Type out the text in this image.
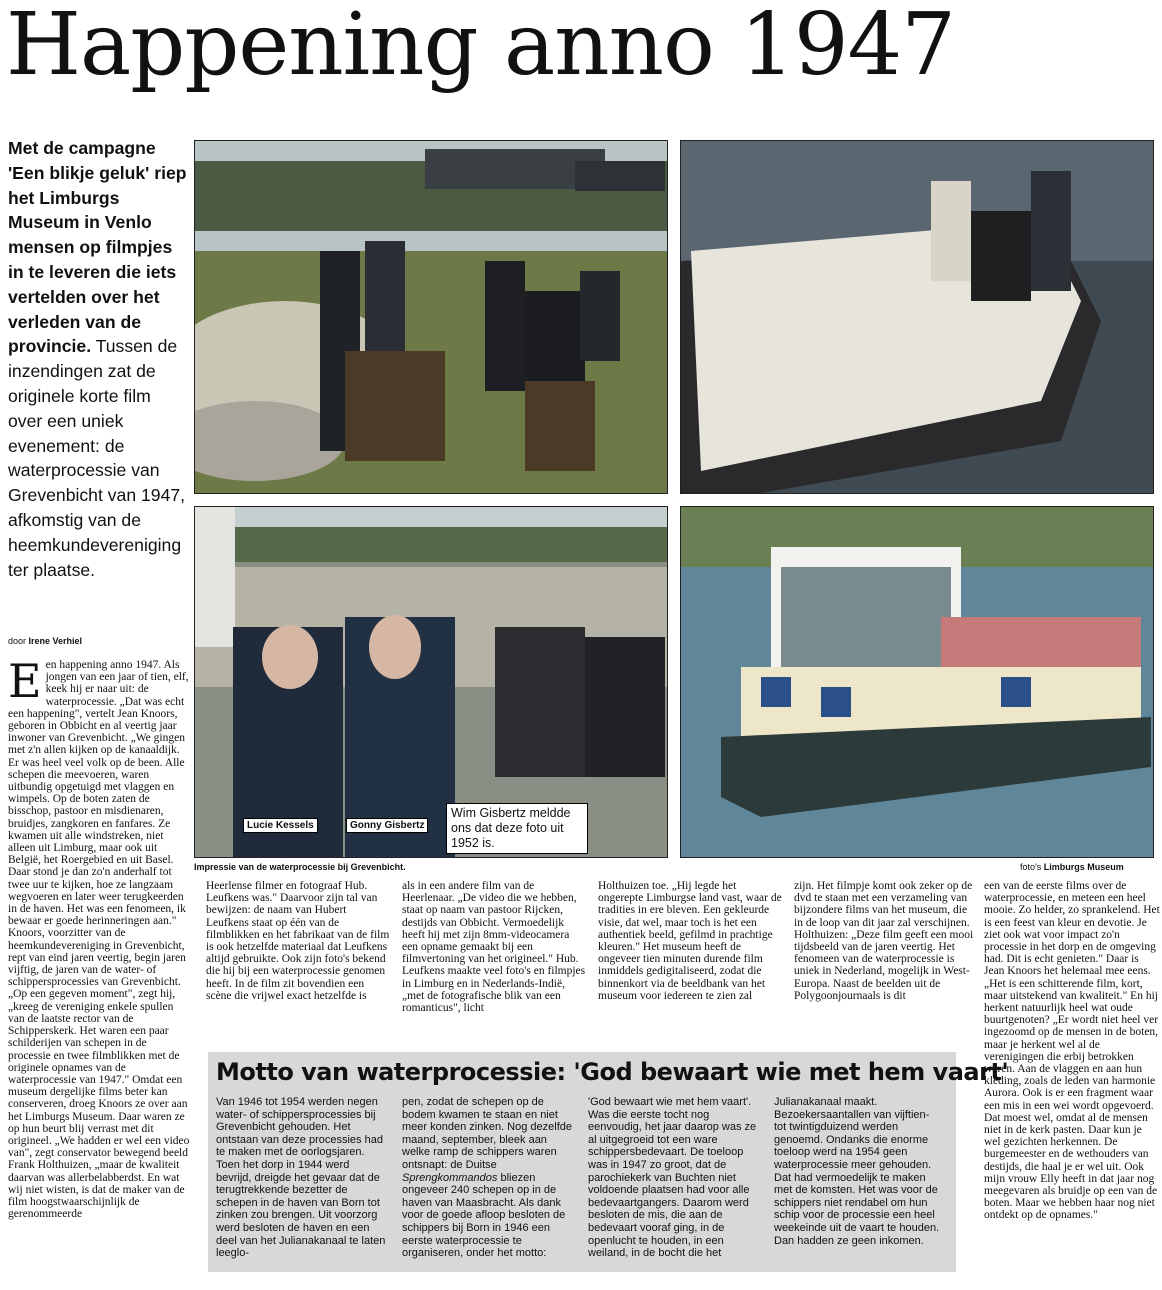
Happening anno 1947
Met de campagne 'Een blikje geluk' riep het Limburgs Museum in Venlo mensen op filmpjes in te leveren die iets vertelden over het verleden van de provincie. Tussen de inzendingen zat de originele korte film over een uniek evenement: de waterprocessie van Grevenbicht van 1947, afkomstig van de heemkundevereniging ter plaatse.
Lucie Kessels	Gonny Gisbertz
Wim Gisbertz meldde ons dat deze foto uit 1952 is.
Impressie van de waterprocessie bij Grevenbicht.	foto's Limburgs Museum
door Irene Verhiel
Een happening anno 1947. Als jongen van een jaar of tien, elf, keek hij er naar uit: de waterprocessie. „Dat was echt een happening", vertelt Jean Knoors, geboren in Obbicht en al veertig jaar inwoner van Grevenbicht. „We gingen met z'n allen kijken op de kanaaldijk. Er was heel veel volk op de been. Alle schepen die meevoeren, waren uitbundig opgetuigd met vlaggen en wimpels. Op de boten zaten de bisschop, pastoor en misdienaren, bruidjes, zangkoren en fanfares. Ze kwamen uit alle windstreken, niet alleen uit Limburg, maar ook uit België, het Roergebied en uit Basel. Daar stond je dan zo'n anderhalf tot twee uur te kijken, hoe ze langzaam wegvoeren en later weer terugkeerden in de haven. Het was een fenomeen, ik bewaar er goede herinneringen aan." Knoors, voorzitter van de heemkundevereniging in Grevenbicht, rept van eind jaren veertig, begin jaren vijftig, de jaren van de water- of schippersprocessies van Grevenbicht. „Op een gegeven moment", zegt hij, „kreeg de vereniging enkele spullen van de laatste rector van de Schipperskerk. Het waren een paar schilderijen van schepen in de processie en twee filmblikken met de originele opnames van de waterprocessie van 1947." Omdat een museum dergelijke films beter kan conserveren, droeg Knoors ze over aan het Limburgs Museum. Daar waren ze op hun beurt blij verrast met dit origineel. „We hadden er wel een video van", zegt conservator bewegend beeld Frank Holthuizen, „maar de kwaliteit daarvan was allerbelabberdst. En wat wij niet wisten, is dat de maker van de film hoogstwaarschijnlijk de gerenommeerde
Heerlense filmer en fotograaf Hub. Leufkens was." Daarvoor zijn tal van bewijzen: de naam van Hubert Leufkens staat op één van de filmblikken en het fabrikaat van de film is ook hetzelfde materiaal dat Leufkens altijd gebruikte. Ook zijn foto's bekend die hij bij een waterprocessie genomen heeft. In de film zit bovendien een scène die vrijwel exact hetzelfde is
als in een andere film van de Heerlenaar. „De video die we hebben, staat op naam van pastoor Rijcken, destijds van Obbicht. Vermoedelijk heeft hij met zijn 8mm-videocamera een opname gemaakt bij een filmvertoning van het origineel." Hub. Leufkens maakte veel foto's en filmpjes in Limburg en in Nederlands-Indië, „met de fotografische blik van een romanticus", licht
Holthuizen toe. „Hij legde het ongerepte Limburgse land vast, waar de tradities in ere bleven. Een gekleurde visie, dat wel, maar toch is het een authentiek beeld, gefilmd in prachtige kleuren." Het museum heeft de ongeveer tien minuten durende film inmiddels gedigitaliseerd, zodat die binnenkort via de beeldbank van het museum voor iedereen te zien zal
zijn. Het filmpje komt ook zeker op de dvd te staan met een verzameling van bijzondere films van het museum, die in de loop van dit jaar zal verschijnen. Holthuizen: „Deze film geeft een mooi tijdsbeeld van de jaren veertig. Het fenomeen van de waterprocessie is uniek in Nederland, mogelijk in West-Europa. Naast de beelden uit de Polygoonjournaals is dit
een van de eerste films over de waterprocessie, en meteen een heel mooie. Zo helder, zo sprankelend. Het is een feest van kleur en devotie. Je ziet ook wat voor impact zo'n processie in het dorp en de omgeving had. Dit is echt genieten." Daar is Jean Knoors het helemaal mee eens. „Het is een schitterende film, kort, maar uitstekend van kwaliteit." En hij herkent natuurlijk heel wat oude buurtgenoten? „Er wordt niet heel ver ingezoomd op de mensen in de boten, maar je herkent wel al de verenigingen die erbij betrokken waren. Aan de vlaggen en aan hun kleding, zoals de leden van harmonie Aurora. Ook is er een fragment waar een mis in een wei wordt opgevoerd. Dat moest wel, omdat al de mensen niet in de kerk pasten. Daar kun je wel gezichten herkennen. De burgemeester en de wethouders van destijds, die haal je er wel uit. Ook mijn vrouw Elly heeft in dat jaar nog meegevaren als bruidje op een van de boten. Maar we hebben haar nog niet ontdekt op de opnames."
Motto van waterprocessie: 'God bewaart wie met hem vaart'
Van 1946 tot 1954 werden negen water- of schippersprocessies bij Grevenbicht gehouden. Het ontstaan van deze processies had te maken met de oorlogsjaren. Toen het dorp in 1944 werd bevrijd, dreigde het gevaar dat de terugtrekkende bezetter de schepen in de haven van Born tot zinken zou brengen. Uit voorzorg werd besloten de haven en een deel van het Julianakanaal te laten leeglo-
pen, zodat de schepen op de bodem kwamen te staan en niet meer konden zinken. Nog dezelfde maand, september, bleek aan welke ramp de schippers waren ontsnapt: de Duitse Sprengkommandos bliezen ongeveer 240 schepen op in de haven van Maasbracht. Als dank voor de goede afloop besloten de schippers bij Born in 1946 een eerste waterprocessie te organiseren, onder het motto:
'God bewaart wie met hem vaart'. Was die eerste tocht nog eenvoudig, het jaar daarop was ze al uitgegroeid tot een ware schippersbedevaart. De toeloop was in 1947 zo groot, dat de parochiekerk van Buchten niet voldoende plaatsen had voor alle bedevaartgangers. Daarom werd besloten de mis, die aan de bedevaart vooraf ging, in de openlucht te houden, in een weiland, in de bocht die het
Julianakanaal maakt. Bezoekersaantallen van vijftien- tot twintigduizend werden genoemd. Ondanks die enorme toeloop werd na 1954 geen waterprocessie meer gehouden. Dat had vermoedelijk te maken met de komsten. Het was voor de schippers niet rendabel om hun schip voor de processie een heel weekeinde uit de vaart te houden. Dan hadden ze geen inkomen.
